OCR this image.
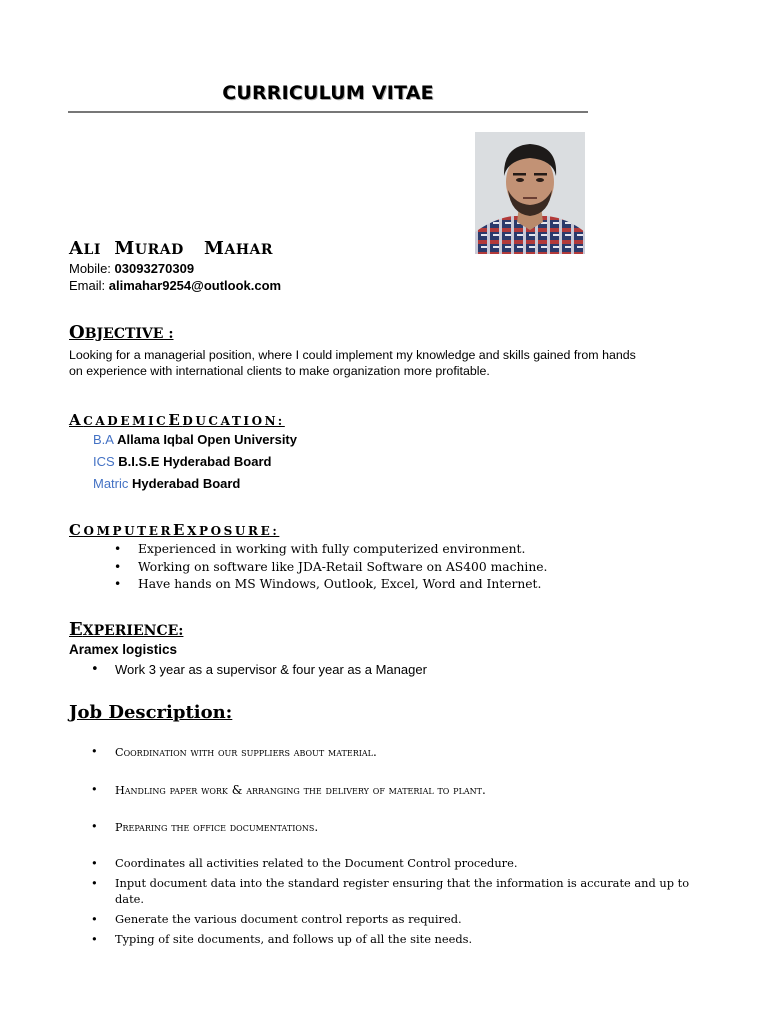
CURRICULUM VITAE
ALI MURAD MAHAR
Mobile: 03093270309
Email: alimahar9254@outlook.com
OBJECTIVE :
Looking for a managerial position, where I could implement my knowledge and skills gained from hands
on experience with international clients to make organization more profitable.
ACADEMICEDUCATION:
B.A Allama Iqbal Open University
ICS B.I.S.E Hyderabad Board
Matric Hyderabad Board
COMPUTEREXPOSURE:
• Experienced in working with fully computerized environment.
• Working on software like JDA-Retail Software on AS400 machine.
• Have hands on MS Windows, Outlook, Excel, Word and Internet.
EXPERIENCE:
Aramex logistics
• Work 3 year as a supervisor & four year as a Manager
Job Description:
• Coordination with our suppliers about material.
• Handling paper work & arranging the delivery of material to plant.
• Preparing the office documentations.
• Coordinates all activities related to the Document Control procedure.
• Input document data into the standard register ensuring that the information is accurate and up to
date.
• Generate the various document control reports as required.
• Typing of site documents, and follows up of all the site needs.
